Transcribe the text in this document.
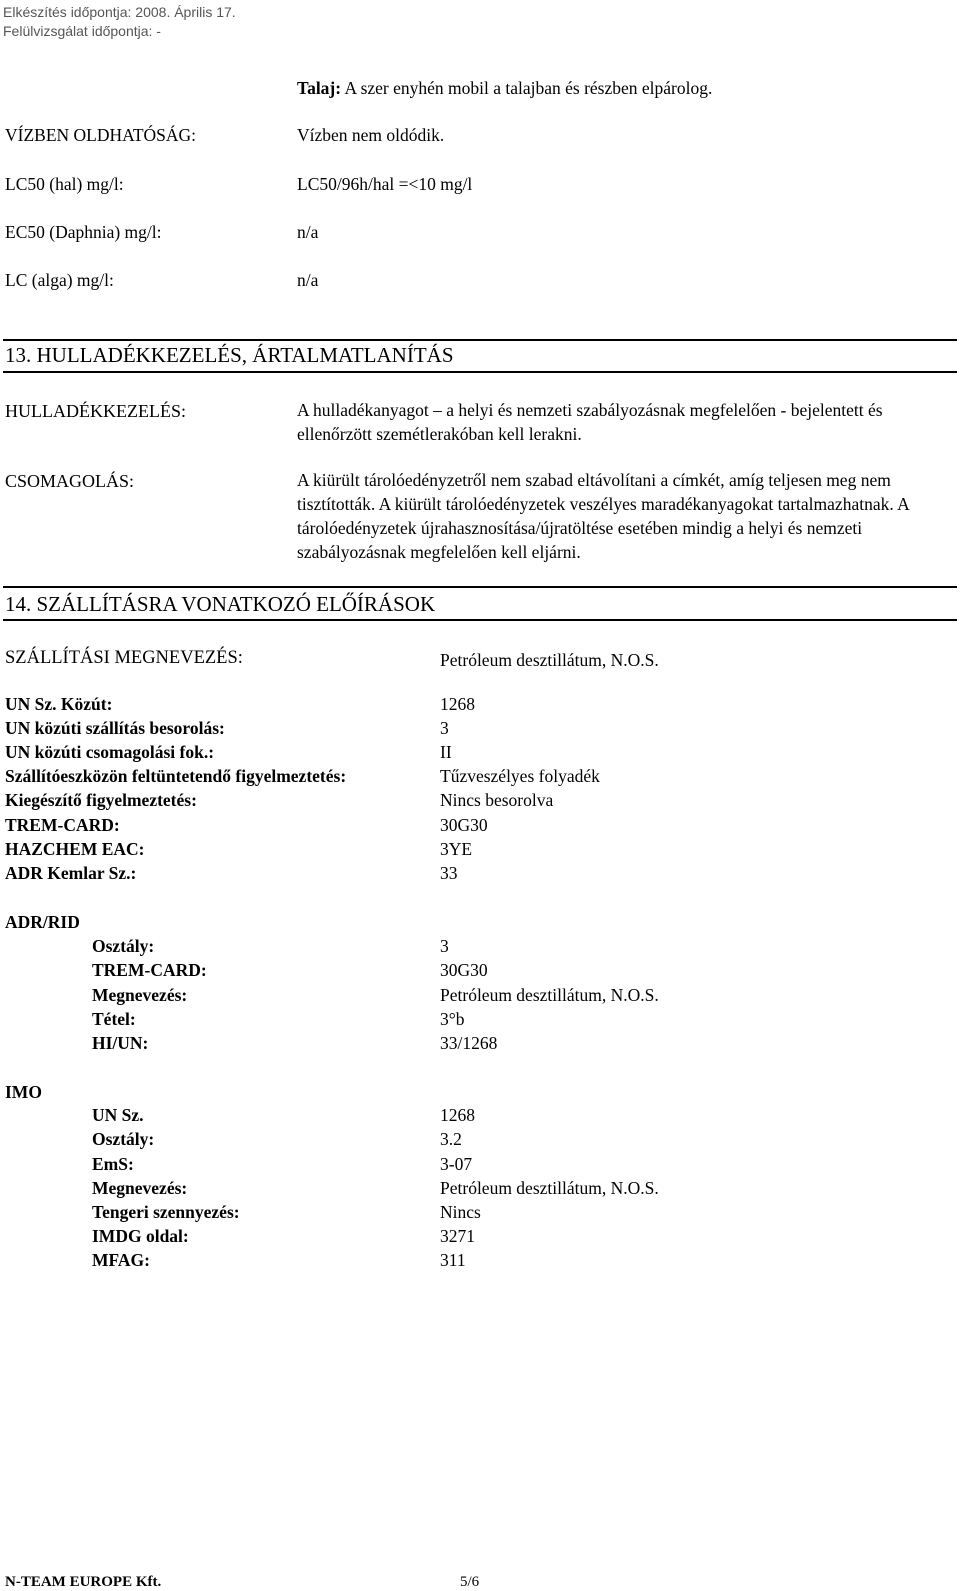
Elkészítés időpontja: 2008. Április 17.
Felülvizsgálat időpontja: -
Talaj: A szer enyhén mobil a talajban és részben elpárolog.
VÍZBEN OLDHATÓSÁG:	Vízben nem oldódik.
LC50 (hal) mg/l:	LC50/96h/hal =<10 mg/l
EC50 (Daphnia) mg/l:	n/a
LC (alga) mg/l:	n/a
13. HULLADÉKKEZELÉS, ÁRTALMATLANÍTÁS
HULLADÉKKEZELÉS:	A hulladékanyagot – a helyi és nemzeti szabályozásnak megfelelően - bejelentett és ellenőrzött szemétlerakóban kell lerakni.
CSOMAGOLÁS:	A kiürült tárolóedényzetről nem szabad eltávolítani a címkét, amíg teljesen meg nem tisztították. A kiürült tárolóedényzetek veszélyes maradékanyagokat tartalmazhatnak. A tárolóedényzetek újrahasznosítása/újratöltése esetében mindig a helyi és nemzeti szabályozásnak megfelelően kell eljárni.
14. SZÁLLÍTÁSRA VONATKOZÓ ELŐÍRÁSOK
SZÁLLÍTÁSI MEGNEVEZÉS:	Petróleum desztillátum, N.O.S.
UN Sz. Közút:	1268
UN közúti szállítás besorolás:	3
UN közúti csomagolási fok.:	II
Szállítóeszközön feltüntetendő figyelmeztetés:	Tűzveszélyes folyadék
Kiegészítő figyelmeztetés:	Nincs besorolva
TREM-CARD:	30G30
HAZCHEM EAC:	3YE
ADR Kemlar Sz.:	33
ADR/RID
Osztály:	3
TREM-CARD:	30G30
Megnevezés:	Petróleum desztillátum, N.O.S.
Tétel:	3°b
HI/UN:	33/1268
IMO
UN Sz.	1268
Osztály:	3.2
EmS:	3-07
Megnevezés:	Petróleum desztillátum, N.O.S.
Tengeri szennyezés:	Nincs
IMDG oldal:	3271
MFAG:	311
N-TEAM EUROPE Kft.	5/6
